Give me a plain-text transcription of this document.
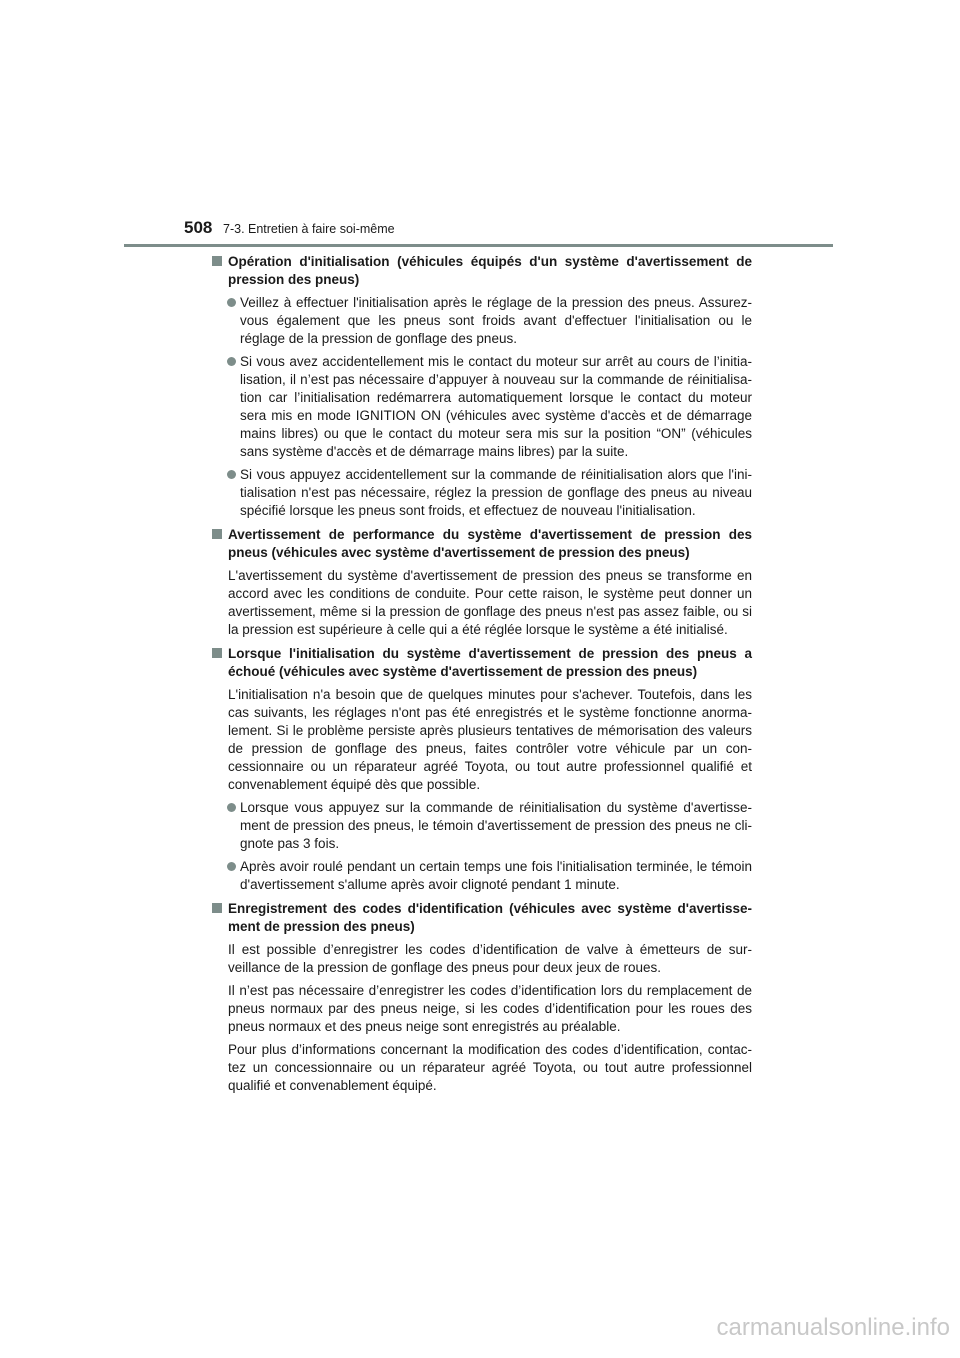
508 7-3. Entretien à faire soi-même
Opération d'initialisation (véhicules équipés d'un système d'avertissement de pression des pneus)
Veillez à effectuer l'initialisation après le réglage de la pression des pneus. Assurez-vous également que les pneus sont froids avant d'effectuer l'initialisation ou le réglage de la pression de gonflage des pneus.
Si vous avez accidentellement mis le contact du moteur sur arrêt au cours de l’initia-lisation, il n’est pas nécessaire d’appuyer à nouveau sur la commande de réinitialisa-tion car l’initialisation redémarrera automatiquement lorsque le contact du moteur sera mis en mode IGNITION ON (véhicules avec système d'accès et de démarrage mains libres) ou que le contact du moteur sera mis sur la position “ON” (véhicules sans système d'accès et de démarrage mains libres) par la suite.
Si vous appuyez accidentellement sur la commande de réinitialisation alors que l'ini-tialisation n'est pas nécessaire, réglez la pression de gonflage des pneus au niveau spécifié lorsque les pneus sont froids, et effectuez de nouveau l'initialisation.
Avertissement de performance du système d'avertissement de pression des pneus (véhicules avec système d'avertissement de pression des pneus)
L'avertissement du système d'avertissement de pression des pneus se transforme en accord avec les conditions de conduite. Pour cette raison, le système peut donner un avertissement, même si la pression de gonflage des pneus n'est pas assez faible, ou si la pression est supérieure à celle qui a été réglée lorsque le système a été initialisé.
Lorsque l'initialisation du système d'avertissement de pression des pneus a échoué (véhicules avec système d'avertissement de pression des pneus)
L'initialisation n'a besoin que de quelques minutes pour s'achever. Toutefois, dans les cas suivants, les réglages n'ont pas été enregistrés et le système fonctionne anorma-lement. Si le problème persiste après plusieurs tentatives de mémorisation des valeurs de pression de gonflage des pneus, faites contrôler votre véhicule par un con-cessionnaire ou un réparateur agréé Toyota, ou tout autre professionnel qualifié et convenablement équipé dès que possible.
Lorsque vous appuyez sur la commande de réinitialisation du système d'avertisse-ment de pression des pneus, le témoin d'avertissement de pression des pneus ne cli-gnote pas 3 fois.
Après avoir roulé pendant un certain temps une fois l'initialisation terminée, le témoin d'avertissement s'allume après avoir clignoté pendant 1 minute.
Enregistrement des codes d'identification (véhicules avec système d'avertisse-ment de pression des pneus)
Il est possible d’enregistrer les codes d’identification de valve à émetteurs de sur-veillance de la pression de gonflage des pneus pour deux jeux de roues.
Il n’est pas nécessaire d’enregistrer les codes d’identification lors du remplacement de pneus normaux par des pneus neige, si les codes d’identification pour les roues des pneus normaux et des pneus neige sont enregistrés au préalable.
Pour plus d’informations concernant la modification des codes d’identification, contac-tez un concessionnaire ou un réparateur agréé Toyota, ou tout autre professionnel qualifié et convenablement équipé.
carmanualsonline.info
